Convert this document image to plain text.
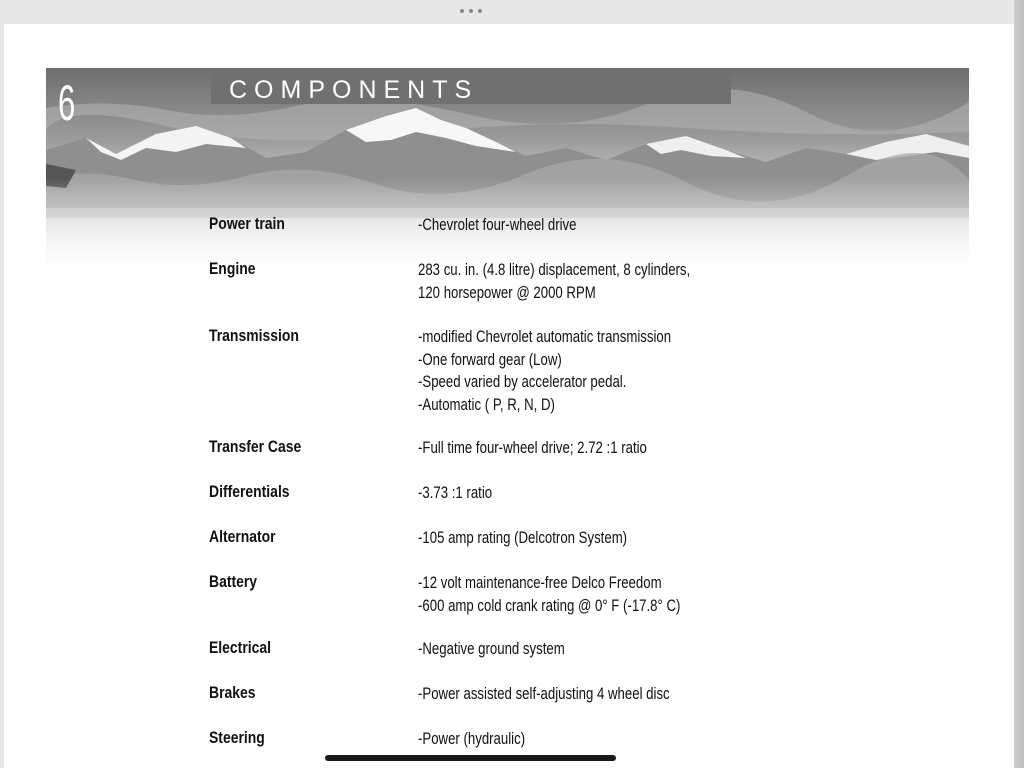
6	COMPONENTS
Power train	-Chevrolet four-wheel drive
Engine	283 cu. in. (4.8 litre) displacement, 8 cylinders,
120 horsepower @ 2000 RPM
Transmission	-modified Chevrolet automatic transmission
-One forward gear (Low)
-Speed varied by accelerator pedal.
-Automatic ( P, R, N, D)
Transfer Case	-Full time four-wheel drive; 2.72 :1 ratio
Differentials	-3.73 :1 ratio
Alternator	-105 amp rating (Delcotron System)
Battery	-12 volt maintenance-free Delco Freedom
-600 amp cold crank rating @ 0° F (-17.8° C)
Electrical	-Negative ground system
Brakes	-Power assisted self-adjusting 4 wheel disc
Steering	-Power (hydraulic)
